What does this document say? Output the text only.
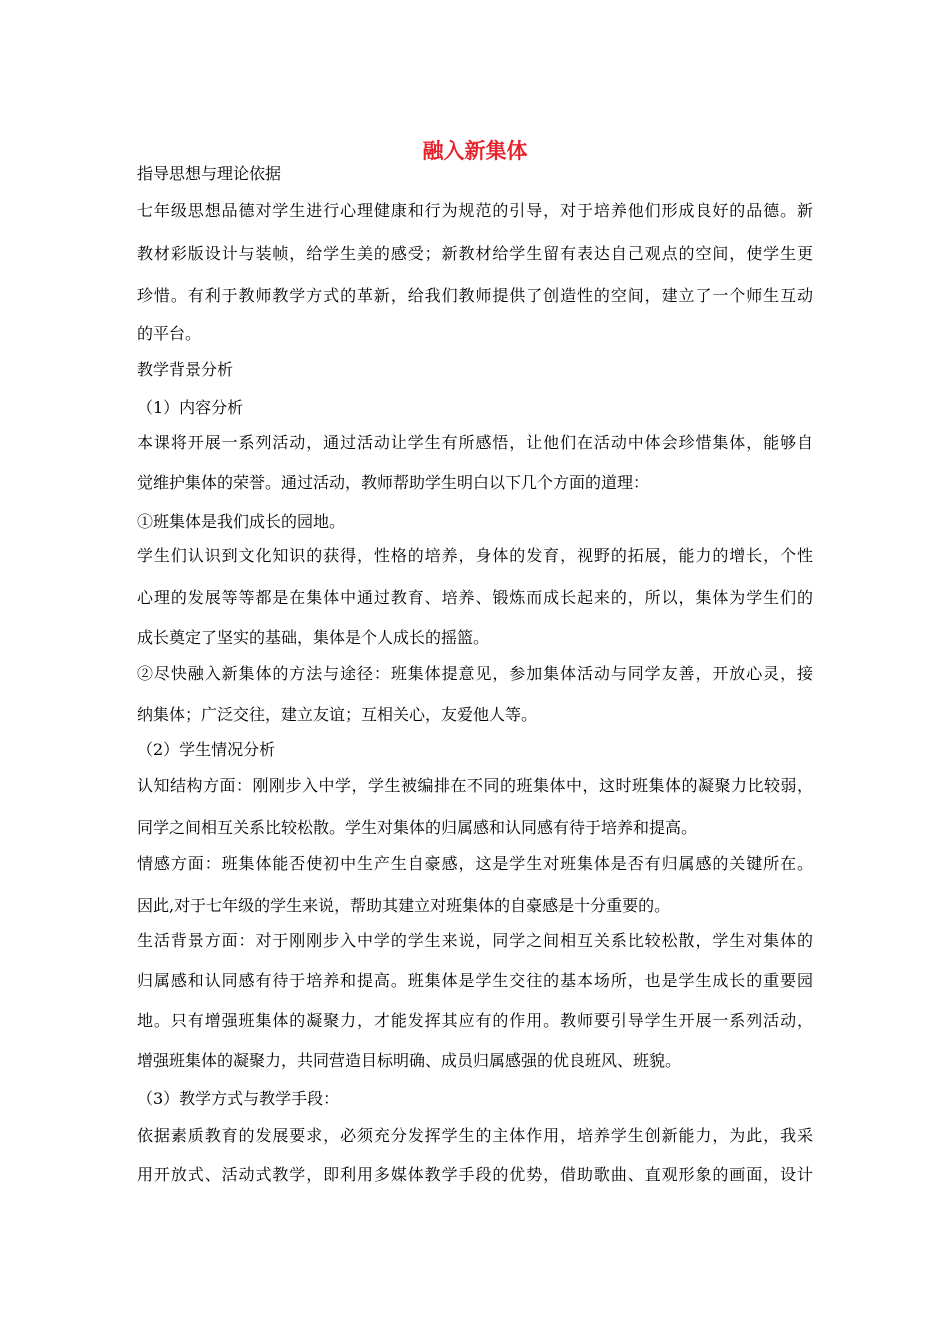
融入新集体
指导思想与理论依据
七年级思想品德对学生进行心理健康和行为规范的引导，对于培养他们形成良好的品德。新
教材彩版设计与装帧，给学生美的感受；新教材给学生留有表达自己观点的空间，使学生更
珍惜。有利于教师教学方式的革新，给我们教师提供了创造性的空间，建立了一个师生互动
的平台。
教学背景分析
（1）内容分析
本课将开展一系列活动，通过活动让学生有所感悟，让他们在活动中体会珍惜集体，能够自
觉维护集体的荣誉。通过活动，教师帮助学生明白以下几个方面的道理：
①班集体是我们成长的园地。
学生们认识到文化知识的获得，性格的培养，身体的发育，视野的拓展，能力的增长，个性
心理的发展等等都是在集体中通过教育、培养、锻炼而成长起来的，所以，集体为学生们的
成长奠定了坚实的基础，集体是个人成长的摇篮。
②尽快融入新集体的方法与途径：班集体提意见，参加集体活动与同学友善，开放心灵，接
纳集体；广泛交往，建立友谊；互相关心，友爱他人等。
（2）学生情况分析
认知结构方面：刚刚步入中学，学生被编排在不同的班集体中，这时班集体的凝聚力比较弱，
同学之间相互关系比较松散。学生对集体的归属感和认同感有待于培养和提高。
情感方面：班集体能否使初中生产生自豪感，这是学生对班集体是否有归属感的关键所在。
因此,对于七年级的学生来说，帮助其建立对班集体的自豪感是十分重要的。
生活背景方面：对于刚刚步入中学的学生来说，同学之间相互关系比较松散，学生对集体的
归属感和认同感有待于培养和提高。班集体是学生交往的基本场所，也是学生成长的重要园
地。只有增强班集体的凝聚力，才能发挥其应有的作用。教师要引导学生开展一系列活动，
增强班集体的凝聚力，共同营造目标明确、成员归属感强的优良班风、班貌。
（3）教学方式与教学手段：
依据素质教育的发展要求，必须充分发挥学生的主体作用，培养学生创新能力，为此，我采
用开放式、活动式教学，即利用多媒体教学手段的优势，借助歌曲、直观形象的画面，设计
